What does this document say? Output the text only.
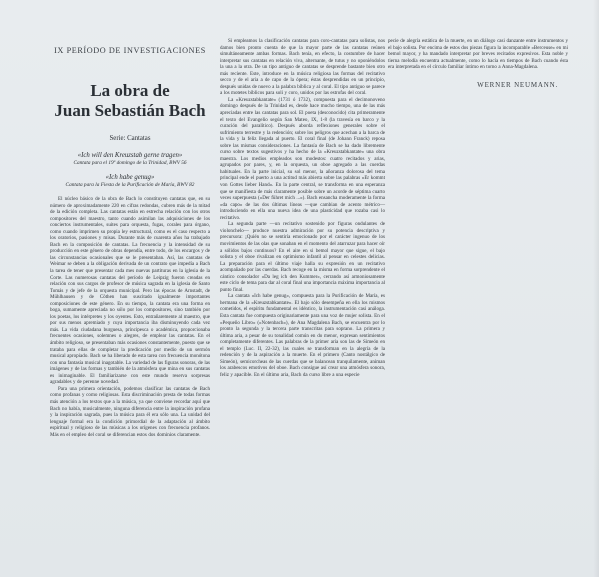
IX PERÍODO DE INVESTIGACIONES
La obra de
Juan Sebastián Bach
Serie: Cantatas

«Ich will den Kreuzstab gerne tragen»

Cantata para el 19º domingo de la Trinidad, BWV 56

«Ich habe genug»

Cantata para la Fiesta de la Purificación de María, BWV 82

El núcleo básico de la obra de Bach lo constituyen cantatas que, en su número de aproximadamente 220 en cifras redondas, cubren más de la mitad de la edición completa. Las cantatas están en estrecha relación con los otros compositores del maestro, tanto cuando asimilan las adquisiciones de los conciertos instrumentales, suites para orquesta, fugas, corales para órgano, como cuando imprimen su propia ley estructural, como es el caso respecto a los oratorios, pasiones y misas. Durante más de cuarenta años ha trabajado Bach en la composición de cantatas. La frecuencia y la intensidad de su producción en este género de obras dependía, entre todo, de los encargos y de las circunstancias ocasionales que se le presentaban. Así, las cantatas de Weimar se deben a la obligación derivada de un contrato que impedía a Bach la tarea de tener que presentar cada mes nuevas partituras en la iglesia de la Corte. Las numerosas cantatas del período de Leipzig fueron creadas en relación con sus cargos de profesor de música sagrada en la iglesia de Santo Tomás y de jefe de la orquesta municipal. Pero las épocas de Arnstadt, de Mühlhausen y de Cöthen han suscitado igualmente importantes composiciones de este género. En su tiempo, la cantata era una forma en boga, sumamente apreciada no sólo por los compositores, sino también por los poetas, los intérpretes y los oyentes. Esto, entrañaremente al maestro, que por sus menos apremiado y cuya importancia iba disminuyendo cada vez más. La vida ciudadana burguesa, principesca o académica, proporcionaba frecuentes ocasiones, solemnes o alegres, de emplear las cantatas. En el ámbito religioso, se presentaban más ocasiones constantemente, puesto que se trataba para ellas de completar la predicación por medio de un sermón musical apropiado. Bach se ha liberado de esta tarea con frecuencia monótona con una fantasía musical inagotable. La variedad de las figuras sonoras, de las imágenes y de las formas y también de la atmósfera que mina en sus cantatas es inimaginable. El familiarizarse con este mundo reserva sorpresas agradables y de perenne novedad.

Para una primera orientación, podemos clasificar las cantatas de Bach como profanas y como religiosas. Esta discriminación presta de todas formas más atención a los textos que a la música, ya que conviene recordar aquí que Bach no había, musicalmente, ninguna diferencia entre la inspiración profana y la inspiración sagrada, pues la música para él era sólo una. La unidad del lenguaje formal era la condición primordial de la adaptación al ámbito espiritual y religioso de las músicas a los orígenes con frecuencia profanos. Más en el empleo del coral se diferencian estos dos dominios claramente.

Si empleamos la clasificación cantatas para coro-cantatas para solistas, nos damos bien pronto cuenta de que la mayor parte de las cantatas reúnen simultáneamente ambas formas. Bach tenía, en efecto, la costumbre de hacer interpretar sus cantatas en relación viva, alternante, de tutus y no oponiéndolos la una a la otra. De un tipo antiguo de cantatas se desprende bastante bien otro más reciente. Este, introduce en la música religiosa las formas del recitativo secco y de el aria a de capo de la ópera; éstas desprendidas en un principio, después unidas de nuevo a la palabra bíblica y al coral. El tipo antiguo se parece a los motetes bíblicos para soli y coro, unidos por las estrofas del coral.

La «Kreuzstabkantate» (1731 ó 1732), compuesta para el decimonoveno domingo después de la Trinidad es, desde hace mucho tiempo, una de las más apreciadas entre las cantatas para sol. El poeta (desconocido) cita primeramente el texto del Evangelio según San Mateo, IX, 1-8 (la travesía en barco y la curación del paralítico). Después aborda reflexiones generales sobre el sufrimiento terrestre y la redención; sobre los peligros que acechan a la barca de la vida y la feliz llegada al puerto. El coral final (de Johann Franck) reposa sobre las mismas consideraciones. La fantasía de Bach se ha dado libremente curso sobre textos sugestivos y ha hecho de la «Kreuzstabkantate» una obra maestra. Los medios empleados son modestos: cuatro recitados y arias, agrupados por pares, y, en la orquesta, un oboe agregado a las cuerdas habituales. En la parte inicial, su sol menor, la añoranza dolorosa del tema principal ende el puerto a una actitud más abierta sobre las palabras «Er kommt von Gottes lieber Hand». En la parte central, se transforma en una esperanza que se manifiesta de más claramente posible sobre un acorde de séptima cuarto veces superpuesta («Der führet mich ...»). Bach ensancha moderamente la forma «da capo» de las dos últimas líneas —que cambian de acento métrico— introduciendo en ella una nueva idea de una plasticidad que rozaba casi lo recitativo.

La segunda parte —un recitativo sostenido por figuras ondulantes de violonchelo— produce nuestra admiración por su potencia descriptiva y precursora: ¡Quién no se sentiría emocionado por el carácter ingenuo de los movimientos de las olas que sonaban en el momento del atarruzar para hacer oír a sólidos bajos continuos? En el aire en si bemol mayor que sigue, el bajo solista y el oboe rivalizan en optimismo infantil al pensar en celestes delicias. La preparación para el último viaje halla su expresión en un recitativo acompañado por las cuerdas. Bach recoge en la misma en forma sorprendente el cántico consolador «Da leg ich den Kummer», cerrando así armoniosamente este ciclo de tema para dar al coral final una importancia máxima importancia al punto final.

La cantata «Ich habe genug», compuesta para la Purificación de María, es hermana de la «Kreuzstabkantate». El bajo sólo desempeña en ella los mismos cometidos, el espíritu fundamental es idéntico, la instrumentación casi análoga. Esta cantata fue compuesta originariamente para una voz de mujer solista. En el «Pequeño Libro» («Notenbach»), de Ana Magdalena Bach, se encuentra por lo pronto la segunda y la tercera parte transcritas para soprano. La primera y última aria, a pesar de su tonalidad común en do menor, expresan sentimientos completamente diferentes. Las palabras de la primer aria son las de Simeón en el templo (Luc. II, 22-32), las cuales se transforman en la alegría de la redención y de la aspiración a la muerte. En el primero (Canto nostálgico de Simeón), semicorcheas de las cuerdas que se balancean tranquilamente, animan los arabescos emotivos del oboe. Bach consigue así crear una atmósfera sonora, feliz y apacible. En el último aria, Bach da curso libre a una especie

pecie de alegría estática de la muerte, en un diálogo casi danzante entre instrumentos y el bajo solista. Por encima de estos dos piezas figura la incomparable «Berceuse» en mi bemol mayor, y ha mandado interpretar por breves recitados expresivos. Esta noble y tierna melodía encuentra actualmente, como lo hacía en tiempos de Bach cuando ésta era interpretada en el círculo familiar íntimo en torno a Anna-Magdalena.

WERNER NEUMANN.
